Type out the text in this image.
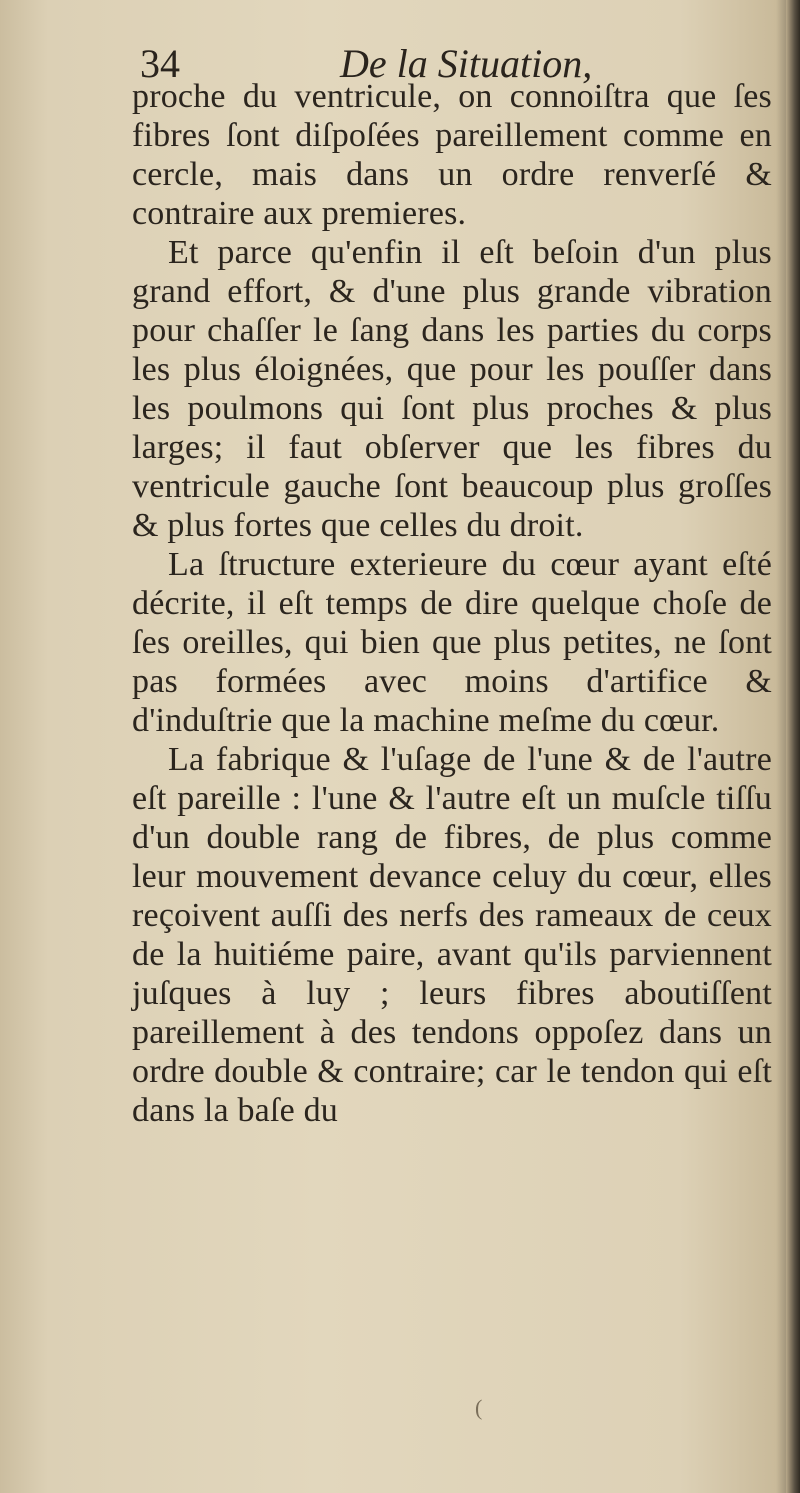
34	De la Situation,

proche du ventricule, on connoiſtra que ſes fibres ſont diſpoſées pareillement comme en cercle, mais dans un ordre renverſé & contraire aux premieres.

Et parce qu'enfin il eſt beſoin d'un plus grand effort, & d'une plus grande vibration pour chaſſer le ſang dans les parties du corps les plus éloignées, que pour les pouſſer dans les poulmons qui ſont plus proches & plus larges; il faut obſerver que les fibres du ventricule gauche ſont beaucoup plus groſſes & plus fortes que celles du droit.

La ſtructure exterieure du cœur ayant eſté décrite, il eſt temps de dire quelque choſe de ſes oreilles, qui bien que plus petites, ne ſont pas formées avec moins d'artifice & d'induſtrie que la machine meſme du cœur.

La fabrique & l'uſage de l'une & de l'autre eſt pareille : l'une & l'autre eſt un muſcle tiſſu d'un double rang de fibres, de plus comme leur mouvement devance celuy du cœur, elles reçoivent auſſi des nerfs des rameaux de ceux de la huitiéme paire, avant qu'ils parviennent juſques à luy ; leurs fibres aboutiſſent pareillement à des tendons oppoſez dans un ordre double & contraire; car le tendon qui eſt dans la baſe du

(
